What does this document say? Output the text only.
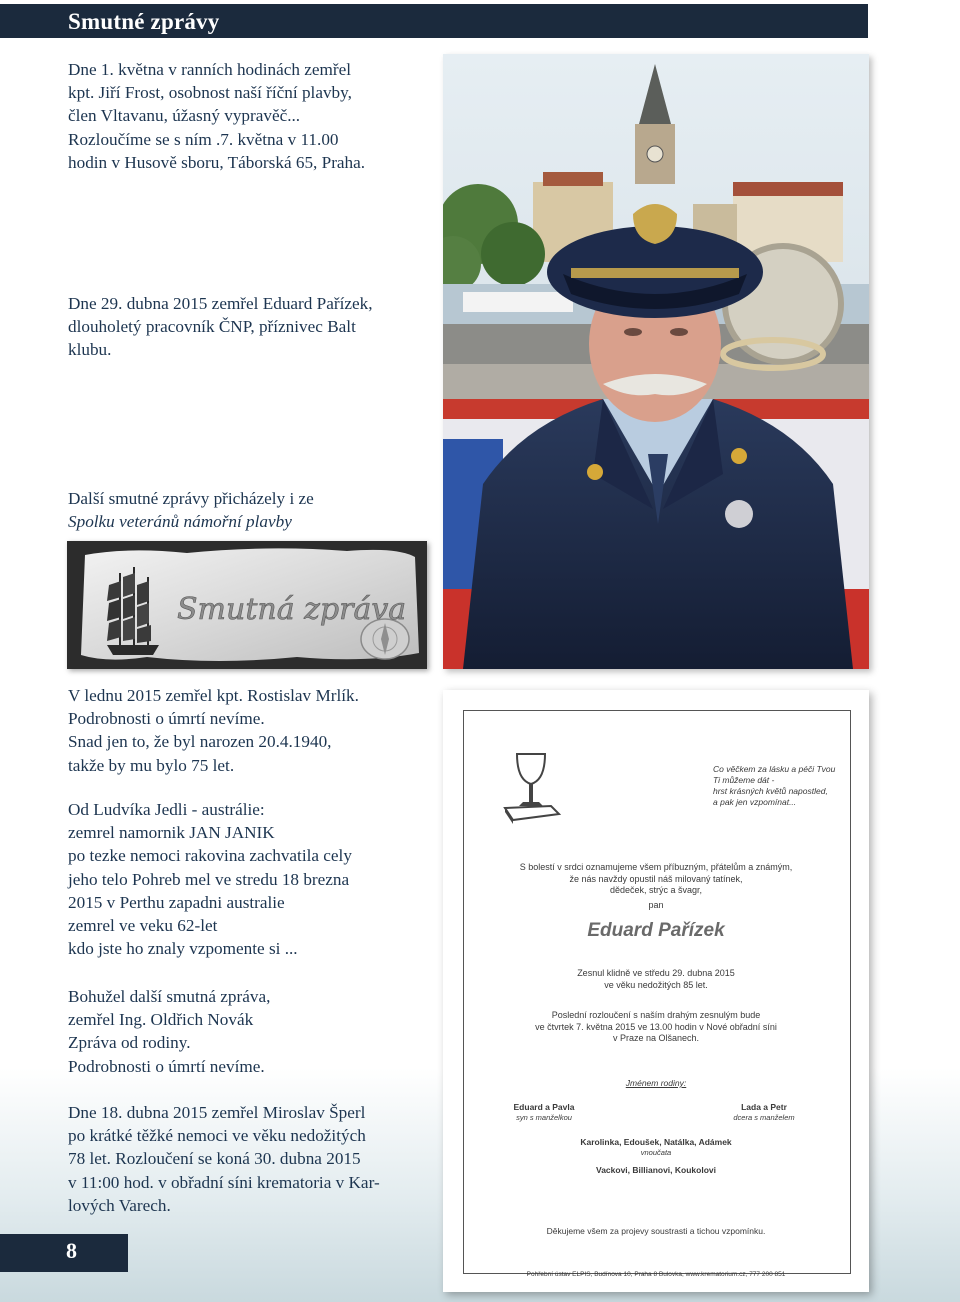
Smutné zprávy

Dne 1. května v ranních hodinách zemřel

kpt. Jiří Frost, osobnost naší říční plavby,

člen Vltavanu, úžasný vypravěč...

Rozloučíme se s ním .7. května v 11.00

hodin v Husově sboru, Táborská 65, Praha.

Dne 29. dubna 2015 zemřel Eduard Pařízek,

dlouholetý pracovník ČNP, příznivec Balt

klubu.

Další smutné zprávy přicházely i ze

Spolku veteránů námořní plavby

Smutná zpráva

V lednu 2015 zemřel kpt. Rostislav Mrlík.

Podrobnosti o úmrtí nevíme.

Snad jen to, že byl narozen 20.4.1940,

takže by mu bylo 75 let.

Od Ludvíka Jedli - austrálie:

zemrel namornik JAN JANIK

po tezke nemoci rakovina zachvatila cely

jeho telo Pohreb mel ve stredu 18 brezna

2015 v Perthu zapadni australie

zemrel ve veku 62-let

kdo jste ho znaly vzpomente si ...

Bohužel další smutná zpráva,

zemřel Ing. Oldřich Novák

Zpráva od rodiny.

Podrobnosti o úmrtí nevíme.

Dne 18. dubna 2015 zemřel Miroslav Šperl

po krátké těžké nemoci ve věku nedožitých

78 let. Rozloučení se koná 30. dubna 2015

v 11:00 hod. v obřadní síni krematoria v Kar-

lových Varech.

Co věčkem za lásku a péči Tvou
Ti můžeme dát -
hrst krásných květů napostled,
a pak jen vzpomínat...
S bolestí v srdci oznamujeme všem příbuzným, přátelům a známým,
že nás navždy opustil náš milovaný tatínek,
dědeček, strýc a švagr,
pan
Eduard Pařízek
Zesnul klidně ve středu 29. dubna 2015
ve věku nedožitých 85 let.
Poslední rozloučení s naším drahým zesnulým bude
ve čtvrtek 7. května 2015 ve 13.00 hodin v Nové obřadní síni
v Praze na Olšanech.
Jménem rodiny:
Eduard a Pavla
syn s manželkou
Lada a Petr
dcera s manželem
Karolinka, Edoušek, Natálka, Adámek
vnoučata
Vackovi, Billianovi, Koukolovi
Děkujeme všem za projevy soustrasti a tichou vzpomínku.
Pohřební ústav ELPIS, Budínova 10, Praha 8 Bulovka, www.krematorium.cz, 777 200 851
8
